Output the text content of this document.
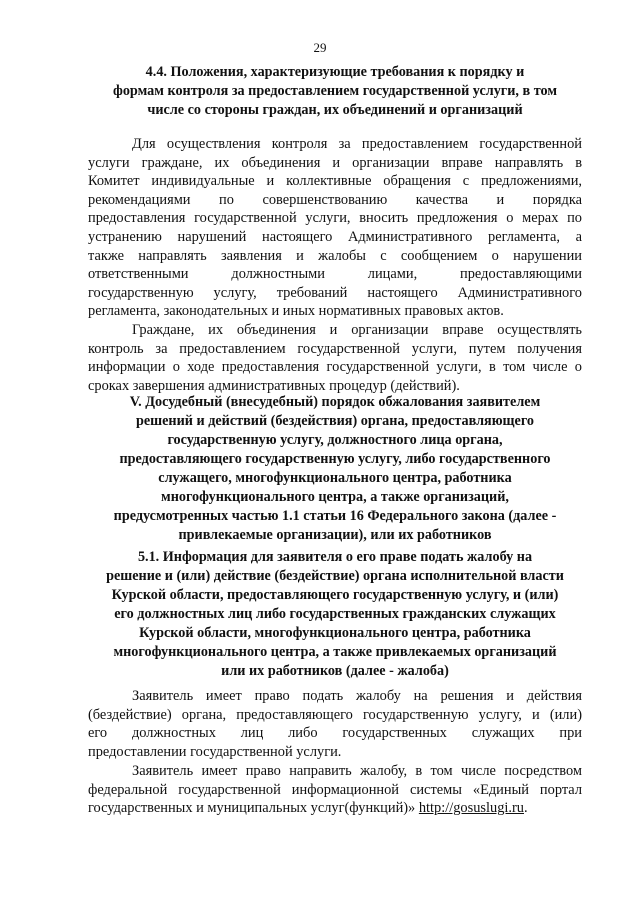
29

4.4. Положения, характеризующие требования к порядку и
формам контроля за предоставлением государственной услуги, в том
числе со стороны граждан, их объединений и организаций

Для осуществления контроля за предоставлением государственной
услуги граждане, их объединения и организации вправе направлять в
Комитет индивидуальные и коллективные обращения с предложениями,
рекомендациями по совершенствованию качества и порядка
предоставления государственной услуги, вносить предложения о мерах по
устранению нарушений настоящего Административного регламента, а
также направлять заявления и жалобы с сообщением о нарушении
ответственными должностными лицами, предоставляющими
государственную услугу, требований настоящего Административного
регламента, законодательных и иных нормативных правовых актов.

Граждане, их объединения и организации вправе осуществлять
контроль за предоставлением государственной услуги, путем получения
информации о ходе предоставления государственной услуги, в том числе о
сроках завершения административных процедур (действий).

V. Досудебный (внесудебный) порядок обжалования заявителем
решений и действий (бездействия) органа, предоставляющего
государственную услугу, должностного лица органа,
предоставляющего государственную услугу, либо государственного
служащего, многофункционального центра, работника
многофункционального центра, а также организаций,
предусмотренных частью 1.1 статьи 16 Федерального закона (далее -
привлекаемые организации), или их работников

5.1. Информация для заявителя о его праве подать жалобу на
решение и (или) действие (бездействие) органа исполнительной власти
Курской области, предоставляющего государственную услугу, и (или)
его должностных лиц либо государственных гражданских служащих
Курской области, многофункционального центра, работника
многофункционального центра, а также привлекаемых организаций
или их работников (далее - жалоба)

Заявитель имеет право подать жалобу на решения и действия
(бездействие) органа, предоставляющего государственную услугу, и (или)
его должностных лиц либо государственных служащих при
предоставлении государственной услуги.

Заявитель имеет право направить жалобу, в том числе посредством
федеральной государственной информационной системы «Единый портал
государственных и муниципальных услуг(функций)» http://gosuslugi.ru.
